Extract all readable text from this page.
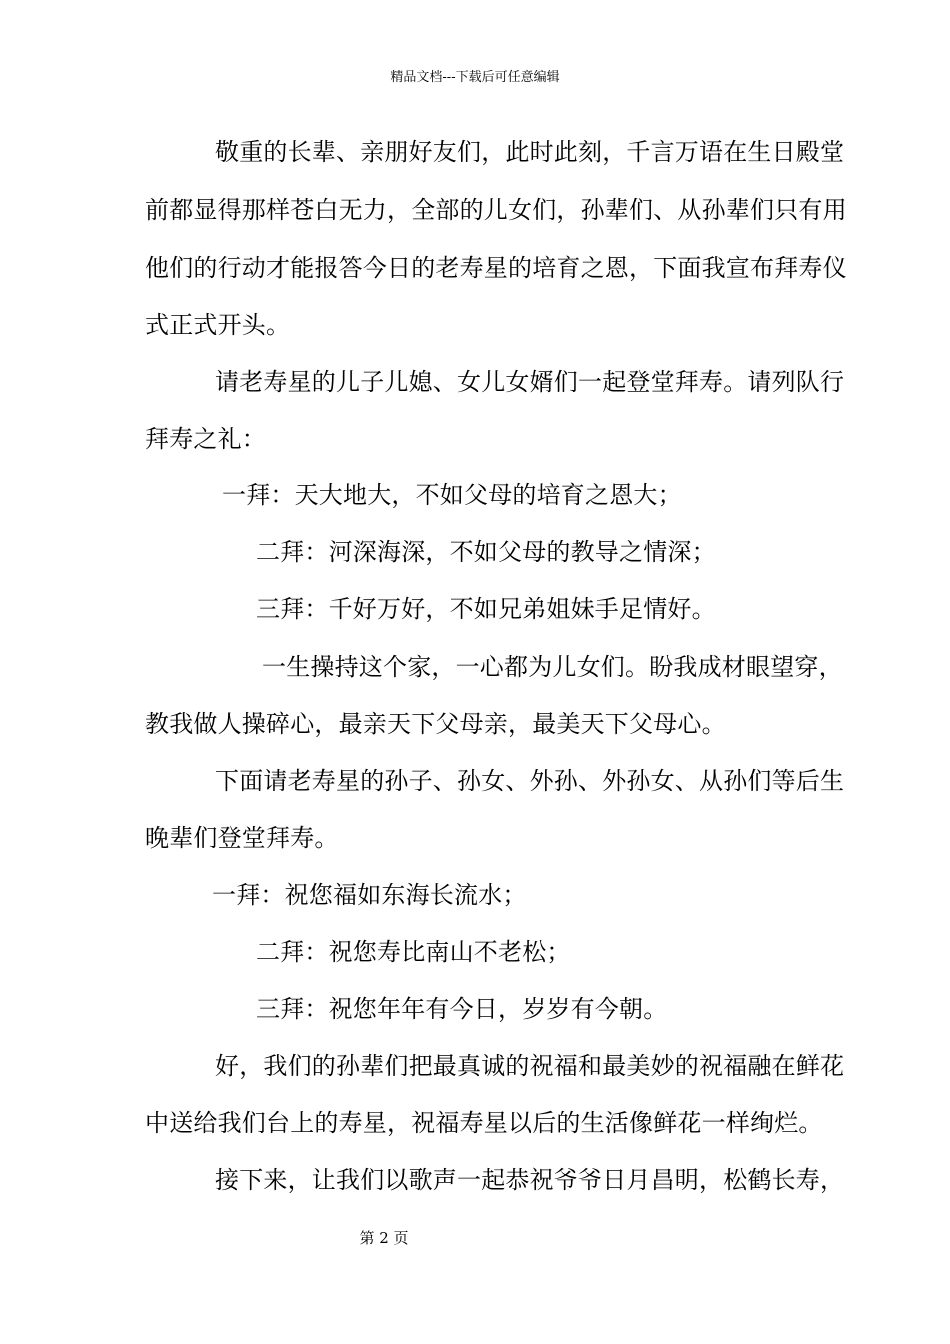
精品文档---下载后可任意编辑
敬重的长辈、亲朋好友们，此时此刻，千言万语在生日殿堂
前都显得那样苍白无力，全部的儿女们，孙辈们、从孙辈们只有用
他们的行动才能报答今日的老寿星的培育之恩，下面我宣布拜寿仪
式正式开头。
请老寿星的儿子儿媳、女儿女婿们一起登堂拜寿。请列队行
拜寿之礼：
一拜：天大地大，不如父母的培育之恩大；
二拜：河深海深，不如父母的教导之情深；
三拜：千好万好，不如兄弟姐妹手足情好。
一生操持这个家，一心都为儿女们。盼我成材眼望穿，
教我做人操碎心，最亲天下父母亲，最美天下父母心。
下面请老寿星的孙子、孙女、外孙、外孙女、从孙们等后生
晚辈们登堂拜寿。
一拜：祝您福如东海长流水；
二拜：祝您寿比南山不老松；
三拜：祝您年年有今日，岁岁有今朝。
好，我们的孙辈们把最真诚的祝福和最美妙的祝福融在鲜花
中送给我们台上的寿星，祝福寿星以后的生活像鲜花一样绚烂。
接下来，让我们以歌声一起恭祝爷爷日月昌明，松鹤长寿，
第 2 页
